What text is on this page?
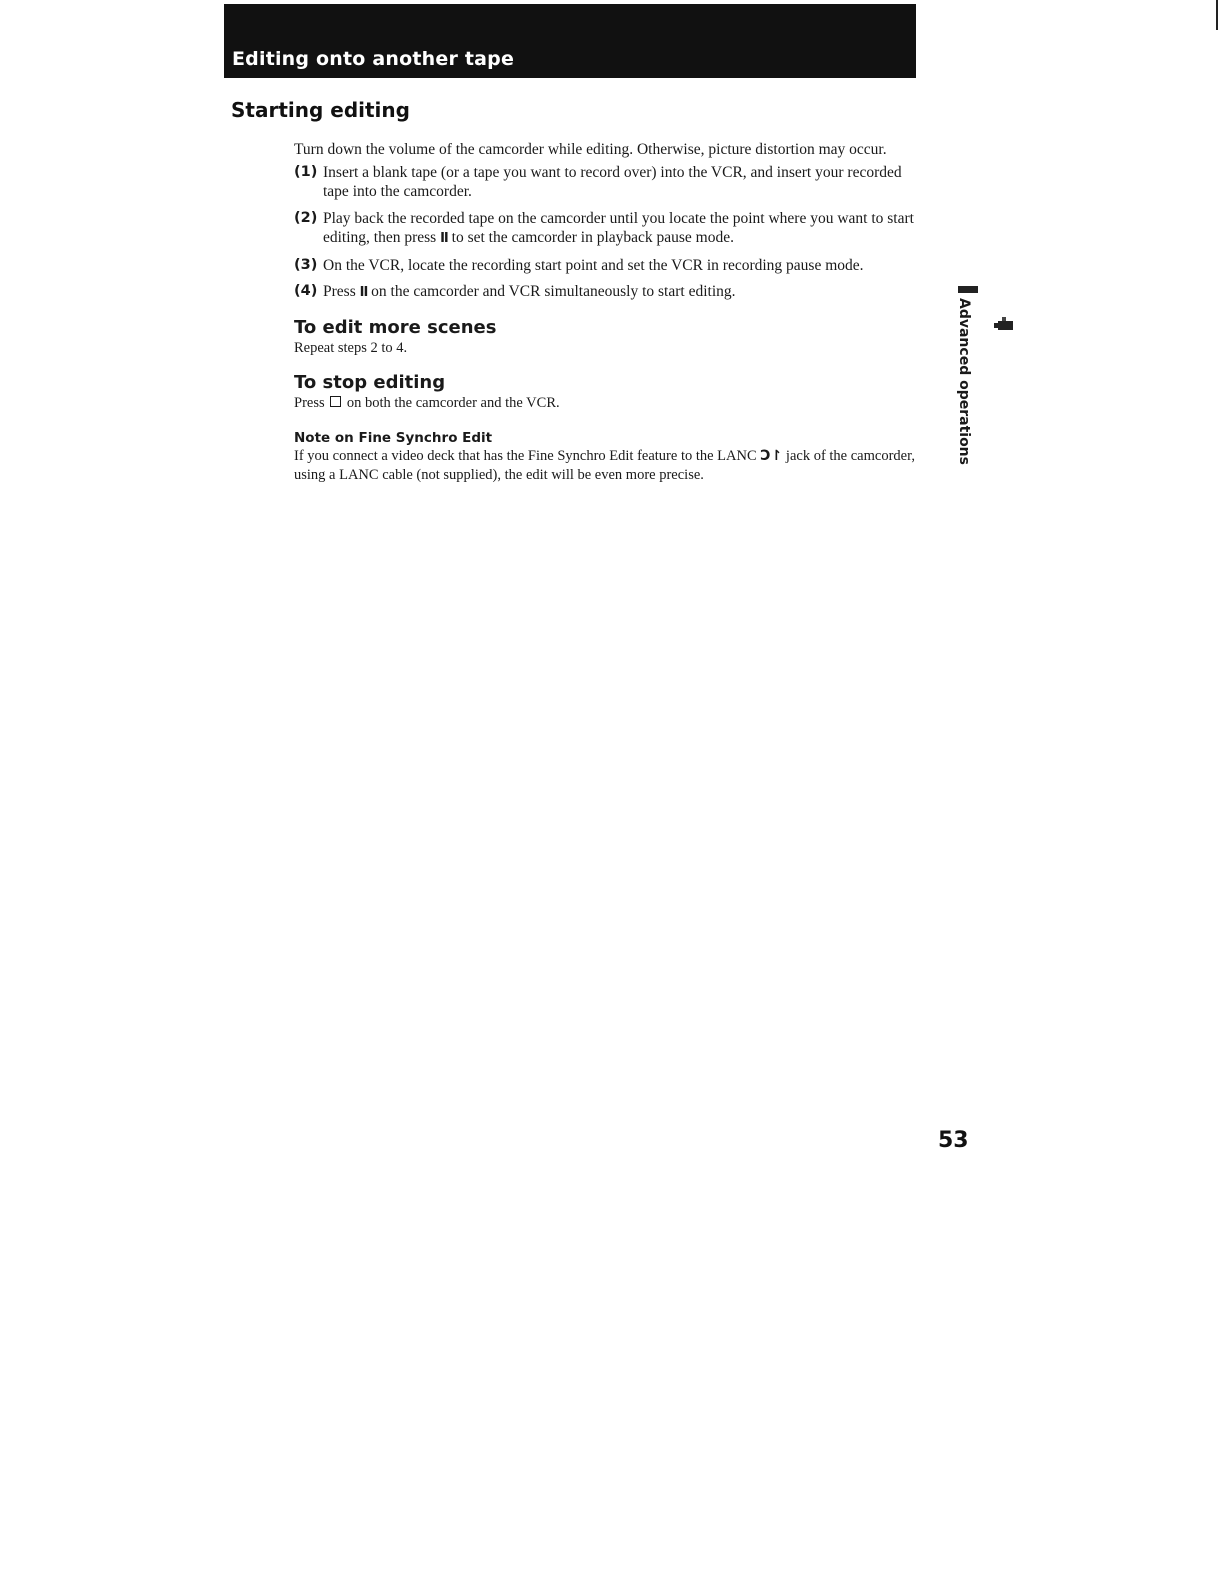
Editing onto another tape
Starting editing

Turn down the volume of the camcorder while editing. Otherwise, picture distortion may occur.

(1) Insert a blank tape (or a tape you want to record over) into the VCR, and insert your recorded tape into the camcorder.
(2) Play back the recorded tape on the camcorder until you locate the point where you want to start editing, then press II to set the camcorder in playback pause mode.
(3) On the VCR, locate the recording start point and set the VCR in recording pause mode.
(4) Press II on the camcorder and VCR simultaneously to start editing.
To edit more scenes
Repeat steps 2 to 4.
To stop editing
Press  on both the camcorder and the VCR.
Note on Fine Synchro Edit
If you connect a video deck that has the Fine Synchro Edit feature to the LANC Ɔ↾ jack of the camcorder, using a LANC cable (not supplied), the edit will be even more precise.
Advanced operations
53
